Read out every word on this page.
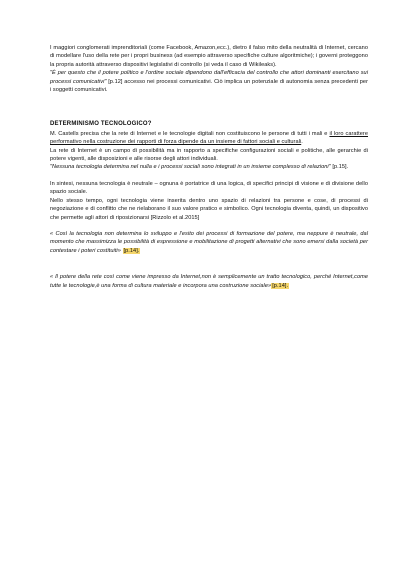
I maggiori conglomerati imprenditoriali (come Facebook, Amazon,ecc.), dietro il falso mito della neutralità di Internet, cercano di modellare l'uso della rete per i propri business (ad esempio attraverso specifiche culture algoritmiche); i governi proteggono la propria autorità attraverso dispositivi legislativi di controllo (si veda il caso di Wikileaks).

"È per questo che il potere politico e l'ordine sociale dipendono dall'efficacia del controllo che attori dominanti esercitano sui processi comunicativi" [p.12] accesso nei processi comunicativi. Ciò implica un potenziale di autonomia senza precedenti per i soggetti comunicativi.

DETERMINISMO TECNOLOGICO?

M. Castells precisa che la rete di Internet e le tecnologie digitali non costituiscono le persone di tutti i mali e il loro carattere performativo nella costruzione dei rapporti di forza dipende da un insieme di fattori sociali e culturali.

La rete di Internet è un campo di possibilità ma in rapporto a specifiche configurazioni sociali e politiche, alle gerarchie di potere vigenti, alle disposizioni e alle risorse degli attori individuali.

"Nessuna tecnologia determina nel nulla e i processi sociali sono integrati in un insieme complesso di relazioni" [p.15].

In sintesi, nessuna tecnologia è neutrale – ognuna è portatrice di una logica, di specifici principi di visione e di divisione dello spazio sociale.

Nello stesso tempo, ogni tecnologia viene inserita dentro uno spazio di relazioni tra persone e cose, di processi di negoziazione e di conflitto che ne rielaborano il suo valore pratico e simbolico. Ogni tecnologia diventa, quindi, un dispositivo che permette agli attori di riposizionarsi [Rizzolo et al.2015]

« Così la tecnologia non determina lo sviluppo e l'esito dei processi di formazione del potere, ma neppure è neutrale, dal momento che massimizza le possibilità di espressione e mobilitazione di progetti alternativi che sono emersi dalla società per contestare i poteri costituiti» [p.14].

« Il potere della rete così come viene impresso da Internet,non è semplicemente un tratto tecnologico, perché Internet,come tutte le tecnologie,è una forma di cultura materiale e incorpora una costruzione sociale»[p.14].
